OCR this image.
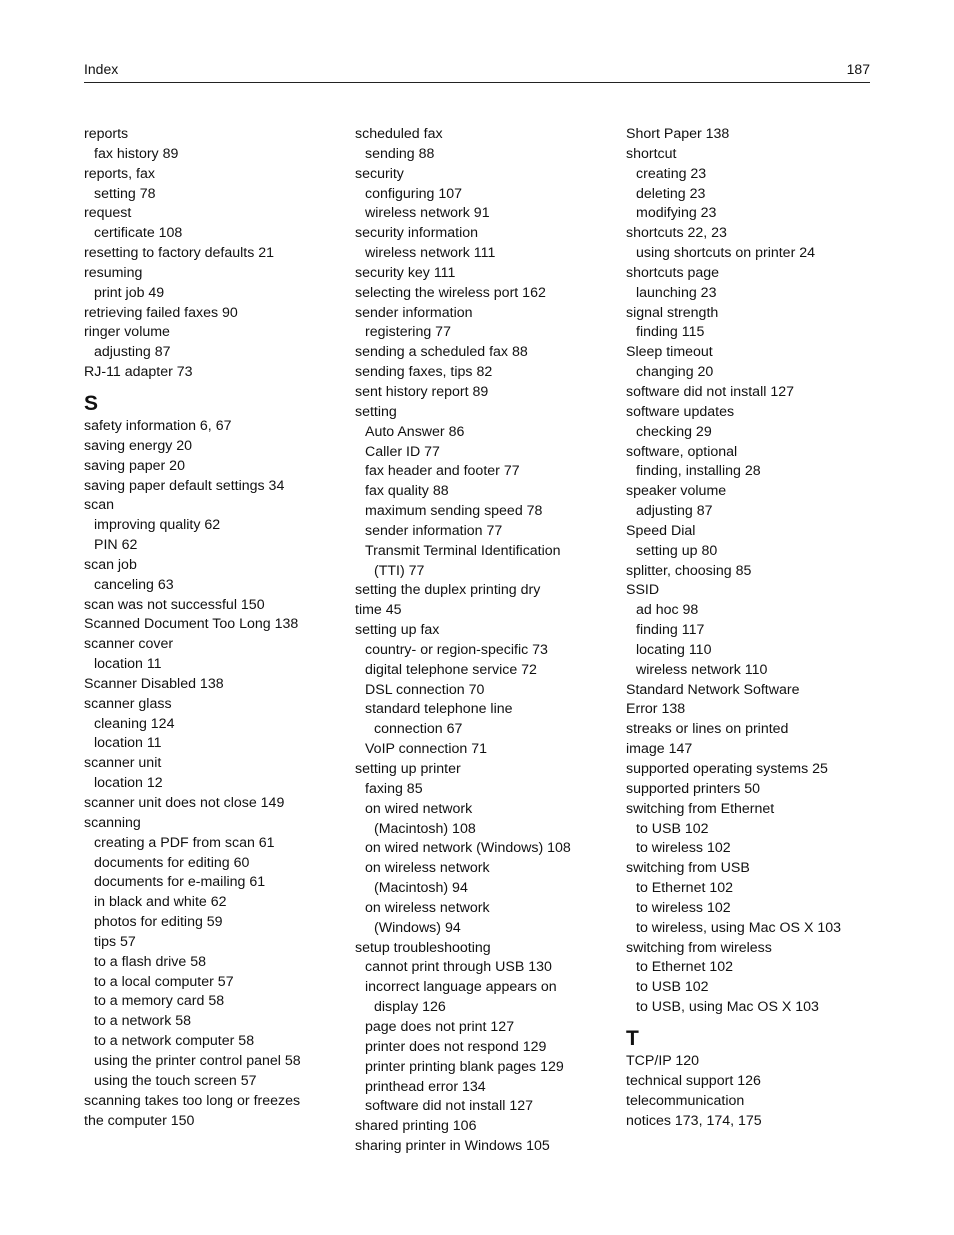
Index	187
reports
fax history 89
reports, fax
setting 78
request
certificate 108
resetting to factory defaults 21
resuming
print job 49
retrieving failed faxes 90
ringer volume
adjusting 87
RJ-11 adapter 73
S
safety information 6, 67
saving energy 20
saving paper 20
saving paper default settings 34
scan
improving quality 62
PIN 62
scan job
canceling 63
scan was not successful 150
Scanned Document Too Long 138
scanner cover
location 11
Scanner Disabled 138
scanner glass
cleaning 124
location 11
scanner unit
location 12
scanner unit does not close 149
scanning
creating a PDF from scan 61
documents for editing 60
documents for e-mailing 61
in black and white 62
photos for editing 59
tips 57
to a flash drive 58
to a local computer 57
to a memory card 58
to a network 58
to a network computer 58
using the printer control panel 58
using the touch screen 57
scanning takes too long or freezes
the computer 150
scheduled fax
sending 88
security
configuring 107
wireless network 91
security information
wireless network 111
security key 111
selecting the wireless port 162
sender information
registering 77
sending a scheduled fax 88
sending faxes, tips 82
sent history report 89
setting
Auto Answer 86
Caller ID 77
fax header and footer 77
fax quality 88
maximum sending speed 78
sender information 77
Transmit Terminal Identification
(TTI) 77
setting the duplex printing dry
time 45
setting up fax
country- or region-specific 73
digital telephone service 72
DSL connection 70
standard telephone line
connection 67
VoIP connection 71
setting up printer
faxing 85
on wired network
(Macintosh) 108
on wired network (Windows) 108
on wireless network
(Macintosh) 94
on wireless network
(Windows) 94
setup troubleshooting
cannot print through USB 130
incorrect language appears on
display 126
page does not print 127
printer does not respond 129
printer printing blank pages 129
printhead error 134
software did not install 127
shared printing 106
sharing printer in Windows 105
Short Paper 138
shortcut
creating 23
deleting 23
modifying 23
shortcuts 22, 23
using shortcuts on printer 24
shortcuts page
launching 23
signal strength
finding 115
Sleep timeout
changing 20
software did not install 127
software updates
checking 29
software, optional
finding, installing 28
speaker volume
adjusting 87
Speed Dial
setting up 80
splitter, choosing 85
SSID
ad hoc 98
finding 117
locating 110
wireless network 110
Standard Network Software
Error 138
streaks or lines on printed
image 147
supported operating systems 25
supported printers 50
switching from Ethernet
to USB 102
to wireless 102
switching from USB
to Ethernet 102
to wireless 102
to wireless, using Mac OS X 103
switching from wireless
to Ethernet 102
to USB 102
to USB, using Mac OS X 103
T
TCP/IP 120
technical support 126
telecommunication
notices 173, 174, 175
